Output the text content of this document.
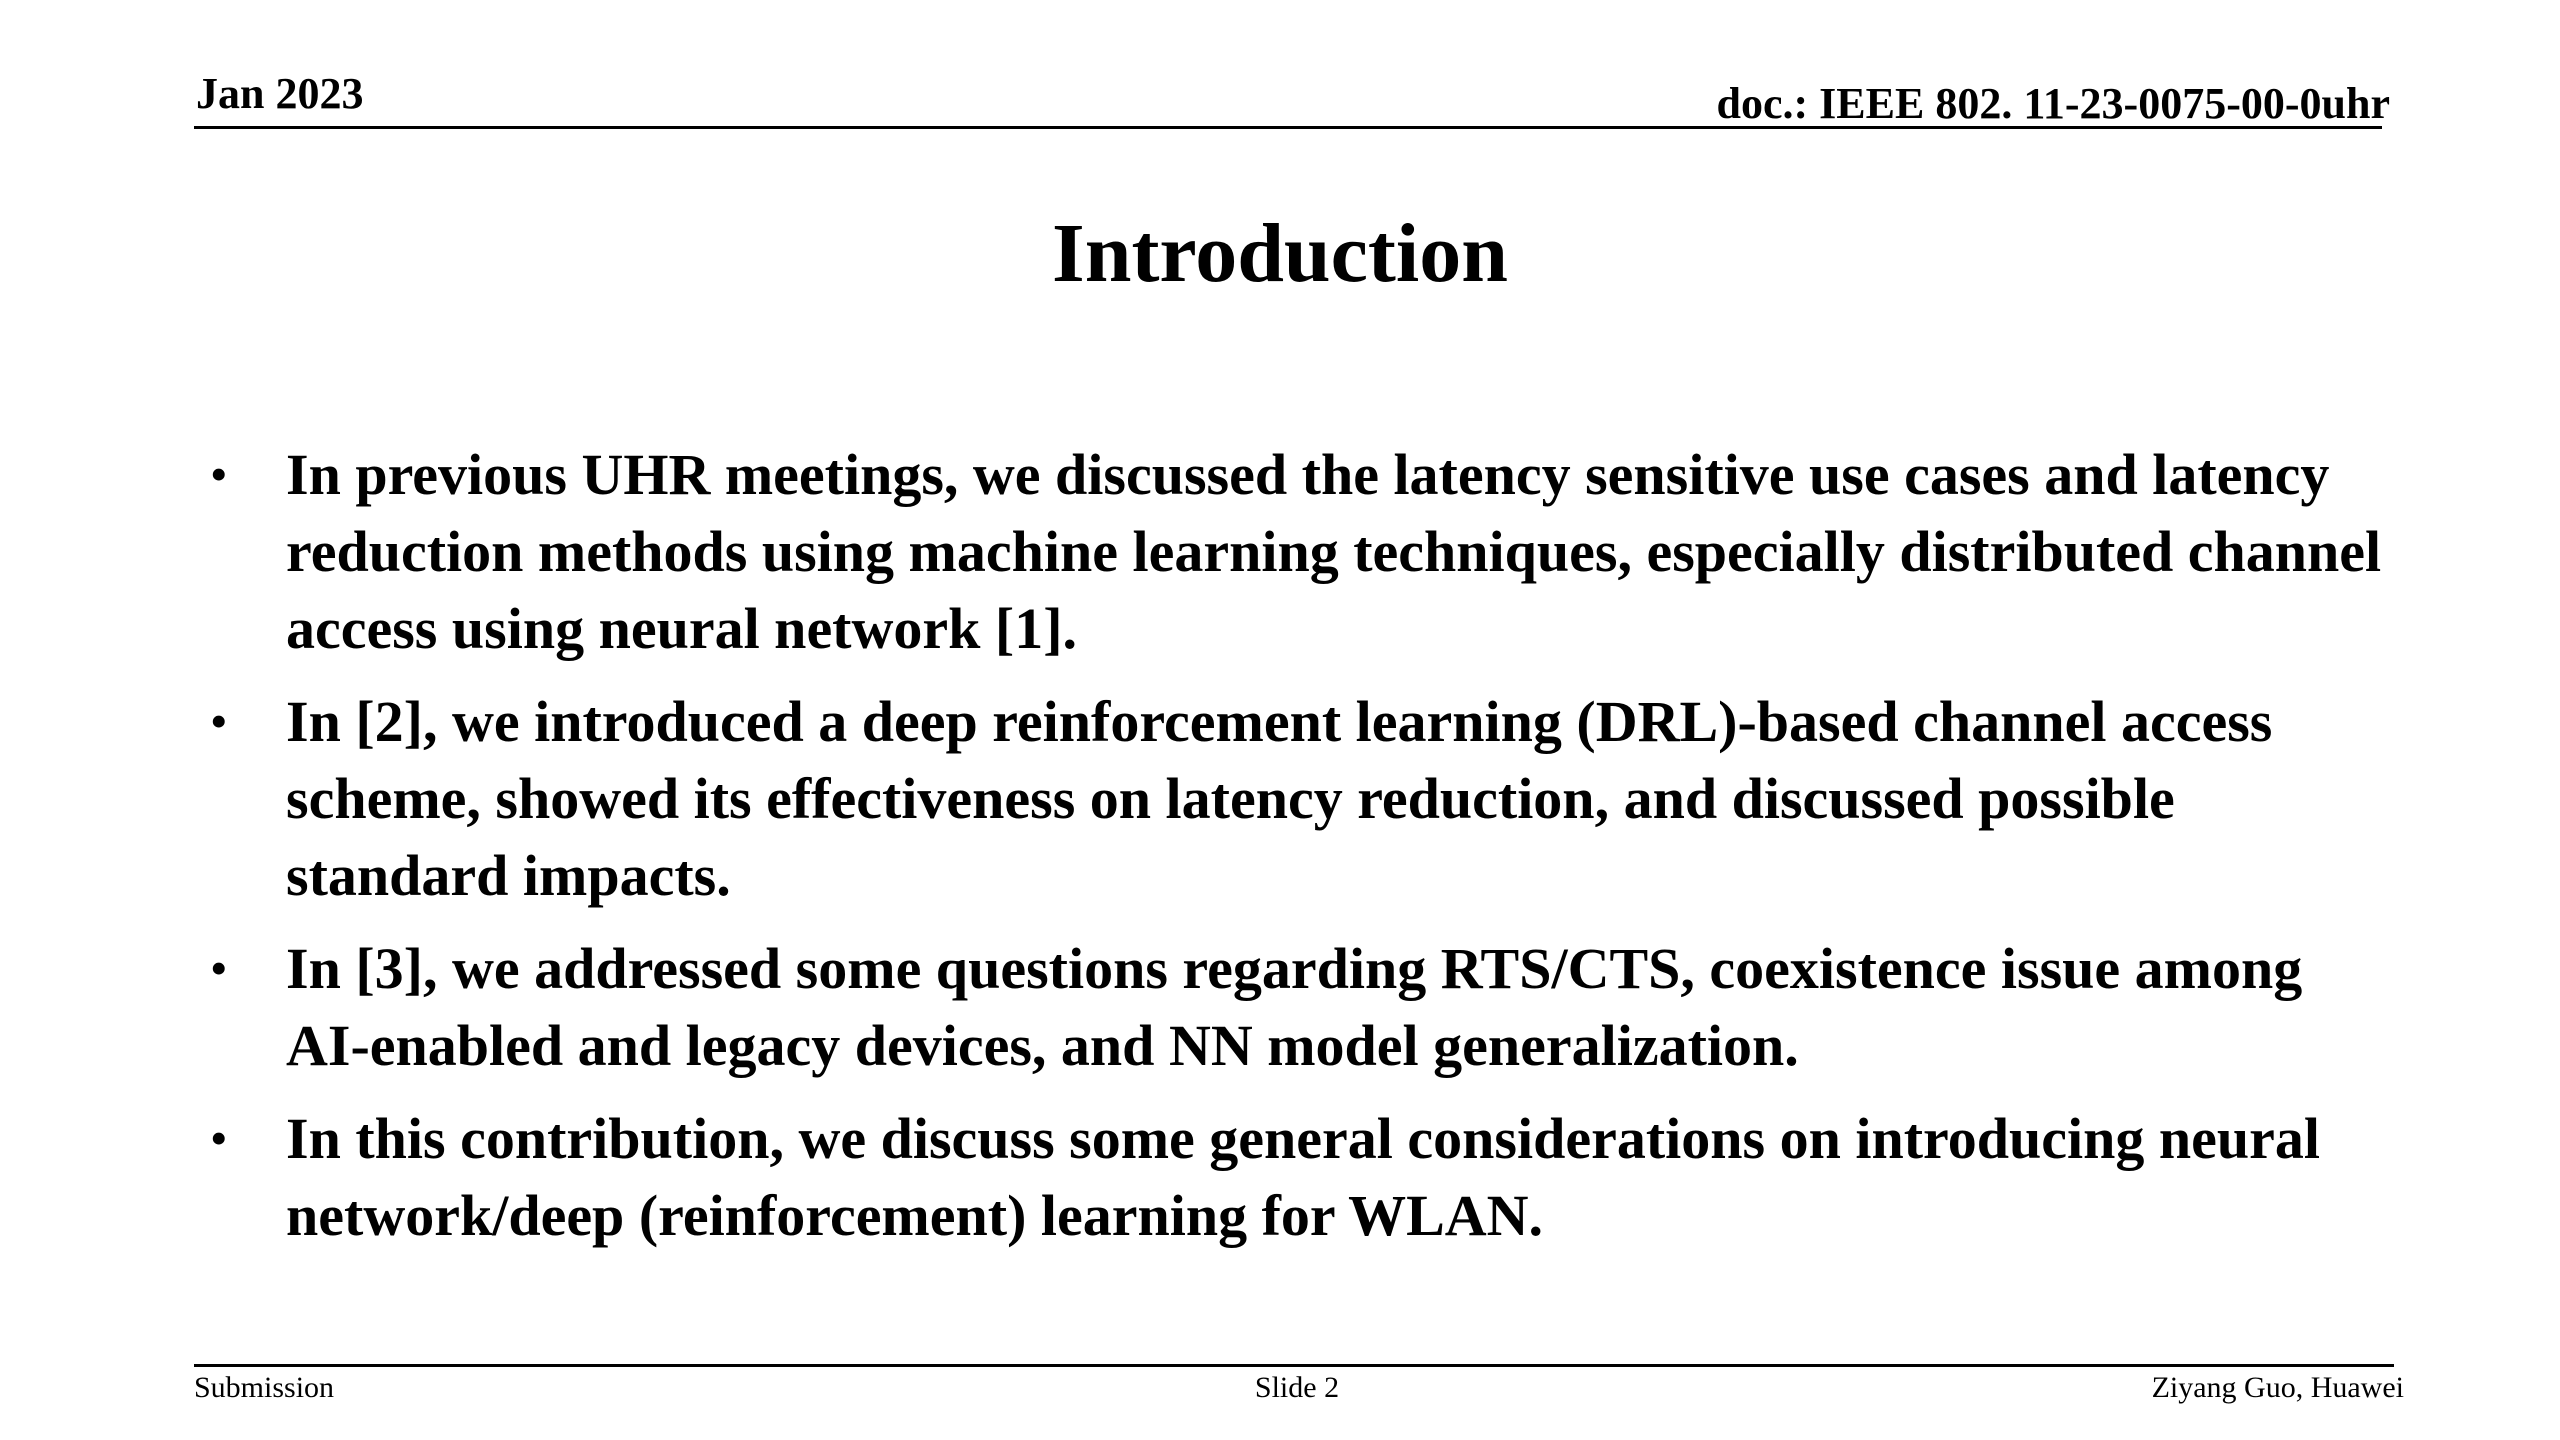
Jan 2023	doc.: IEEE 802. 11-23-0075-00-0uhr
Introduction
• In previous UHR meetings, we discussed the latency sensitive use cases and latency reduction methods using machine learning techniques, especially distributed channel access using neural network [1].
• In [2], we introduced a deep reinforcement learning (DRL)-based channel access scheme, showed its effectiveness on latency reduction, and discussed possible standard impacts.
• In [3], we addressed some questions regarding RTS/CTS, coexistence issue among AI-enabled and legacy devices, and NN model generalization.
• In this contribution, we discuss some general considerations on introducing neural network/deep (reinforcement) learning for WLAN.
Submission	Slide 2	Ziyang Guo, Huawei
